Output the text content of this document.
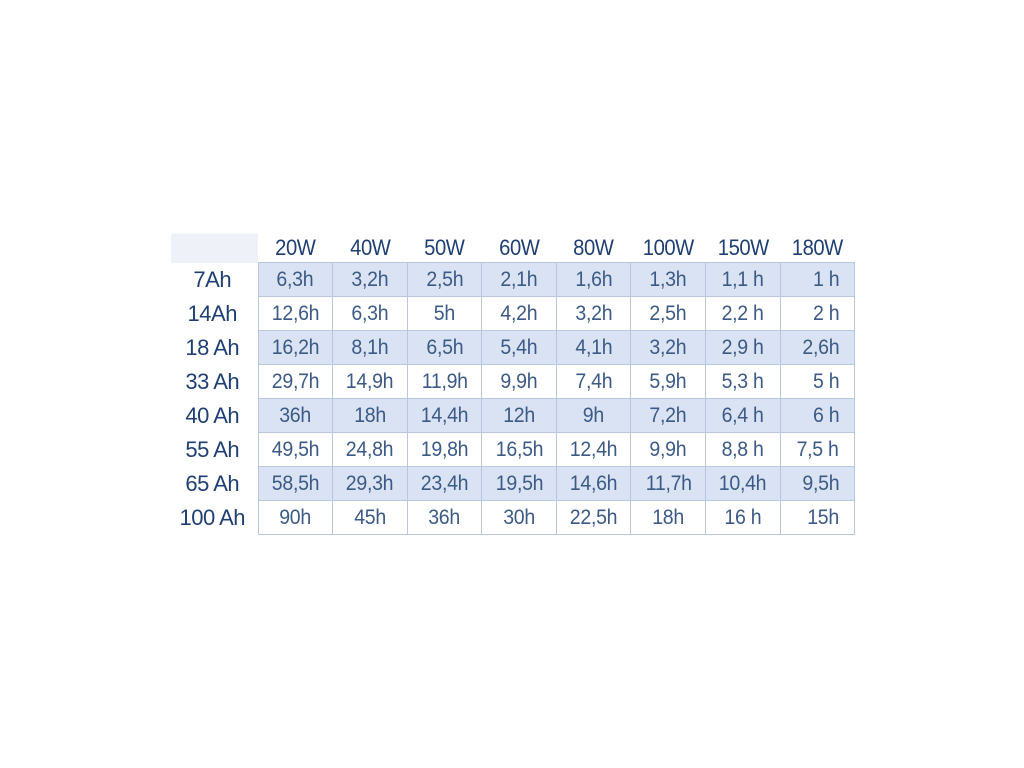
	20W	40W	50W	60W	80W	100W	150W	180W
7Ah	6,3h	3,2h	2,5h	2,1h	1,6h	1,3h	1,1 h	1 h
14Ah	12,6h	6,3h	5h	4,2h	3,2h	2,5h	2,2 h	2 h
18 Ah	16,2h	8,1h	6,5h	5,4h	4,1h	3,2h	2,9 h	2,6h
33 Ah	29,7h	14,9h	11,9h	9,9h	7,4h	5,9h	5,3 h	5 h
40 Ah	36h	18h	14,4h	12h	9h	7,2h	6,4 h	6 h
55 Ah	49,5h	24,8h	19,8h	16,5h	12,4h	9,9h	8,8 h	7,5 h
65 Ah	58,5h	29,3h	23,4h	19,5h	14,6h	11,7h	10,4h	9,5h
100 Ah	90h	45h	36h	30h	22,5h	18h	16 h	15h
